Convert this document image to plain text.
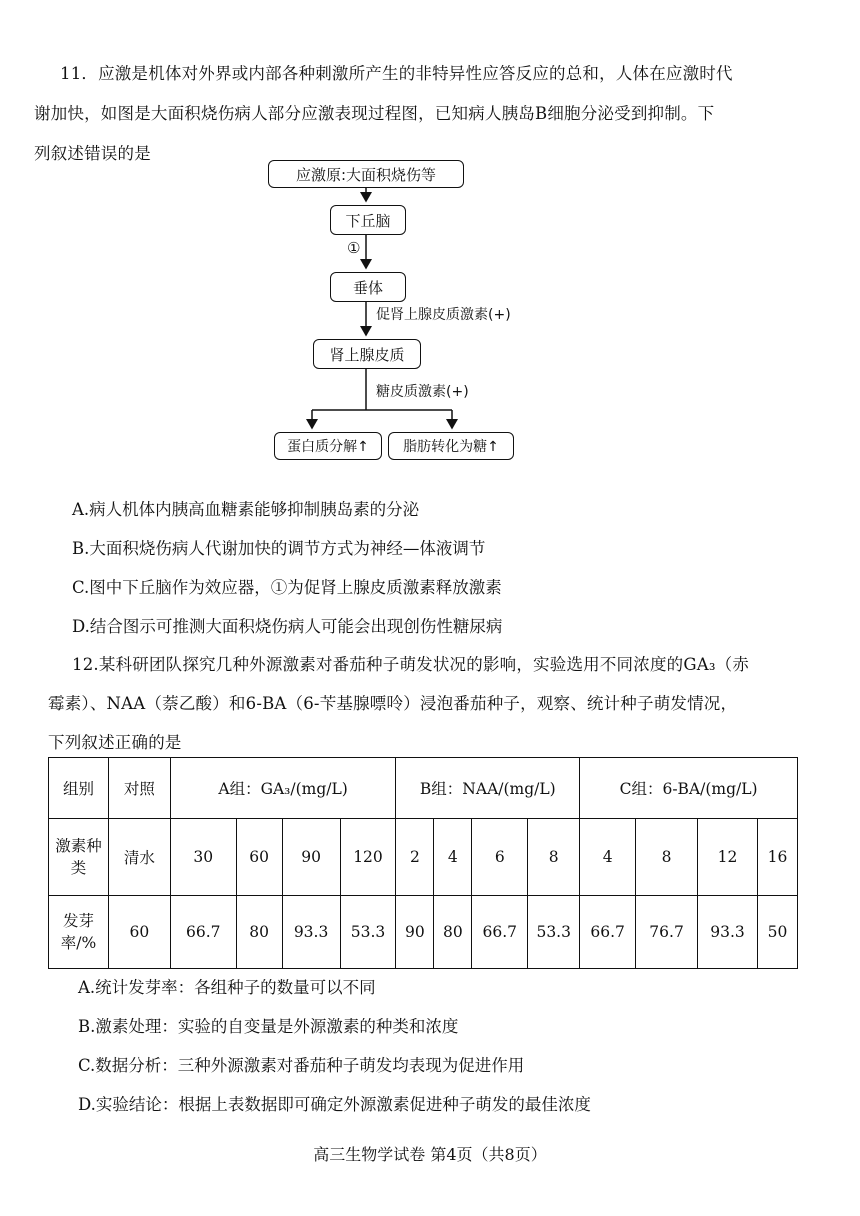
11．应激是机体对外界或内部各种刺激所产生的非特异性应答反应的总和，人体在应激时代
谢加快，如图是大面积烧伤病人部分应激表现过程图，已知病人胰岛B细胞分泌受到抑制。下
列叙述错误的是
应激原:大面积烧伤等
下丘脑
①
垂体
促肾上腺皮质激素(+)
肾上腺皮质
糖皮质激素(+)
蛋白质分解↑	脂肪转化为糖↑
A.病人机体内胰高血糖素能够抑制胰岛素的分泌
B.大面积烧伤病人代谢加快的调节方式为神经—体液调节
C.图中下丘脑作为效应器，①为促肾上腺皮质激素释放激素
D.结合图示可推测大面积烧伤病人可能会出现创伤性糖尿病
12.某科研团队探究几种外源激素对番茄种子萌发状况的影响，实验选用不同浓度的GA₃（赤
霉素）、NAA（萘乙酸）和6-BA（6-苄基腺嘌呤）浸泡番茄种子，观察、统计种子萌发情况，
下列叙述正确的是
组别	对照	A组：GA₃/(mg/L)				B组：NAA/(mg/L)				C组：6-BA/(mg/L)			
激素种类	清水	30	60	90	120	2	4	6	8	4	8	12	16
发芽率/%	60	66.7	80	93.3	53.3	90	80	66.7	53.3	66.7	76.7	93.3	50
A.统计发芽率：各组种子的数量可以不同
B.激素处理：实验的自变量是外源激素的种类和浓度
C.数据分析：三种外源激素对番茄种子萌发均表现为促进作用
D.实验结论：根据上表数据即可确定外源激素促进种子萌发的最佳浓度
高三生物学试卷 第4页（共8页）
